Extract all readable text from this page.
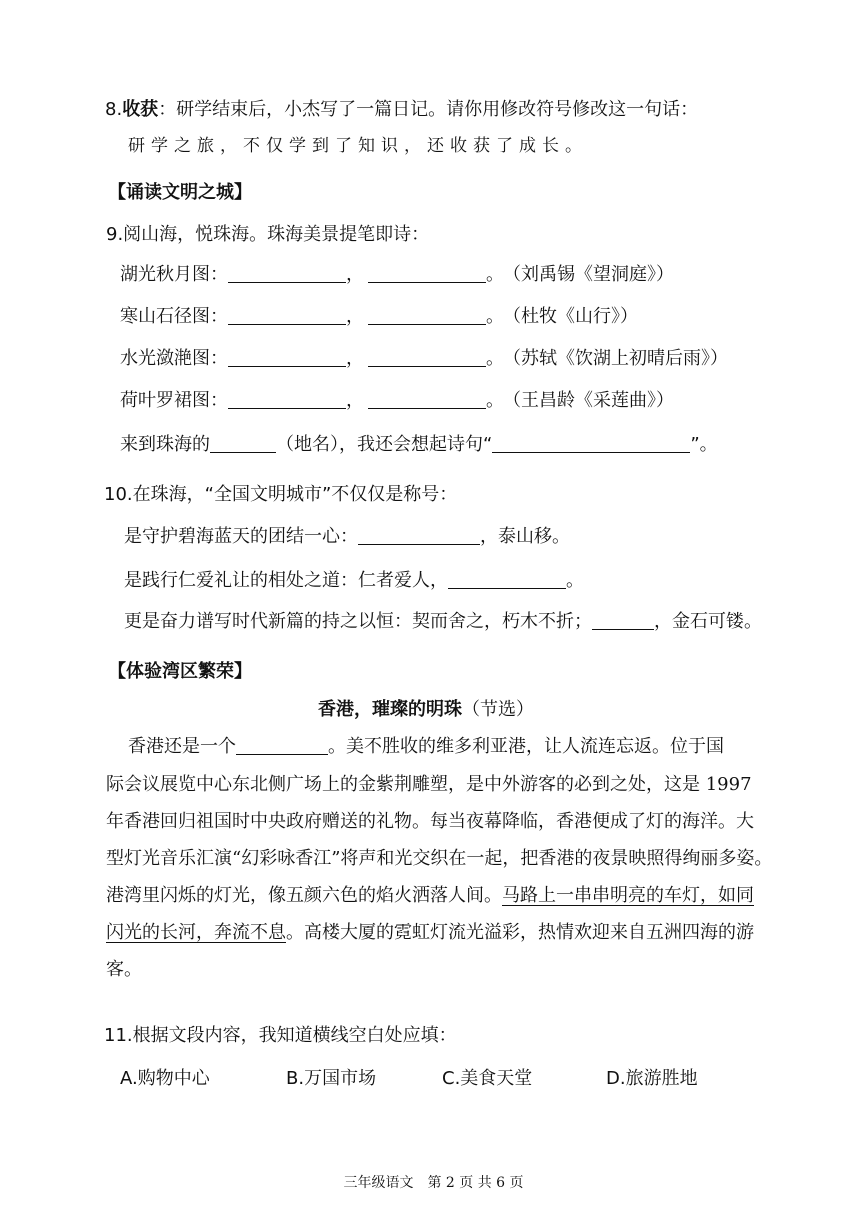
8.收获：研学结束后，小杰写了一篇日记。请你用修改符号修改这一句话：
研学之旅，不仅学到了知识，还收获了成长。
【诵读文明之城】
9.阅山海，悦珠海。珠海美景提笔即诗：
湖光秋月图：	，	。 （刘禹锡《望洞庭》）
寒山石径图：	，	。 （杜牧《山行》）
水光潋滟图：	，	。 （苏轼《饮湖上初晴后雨》）
荷叶罗裙图：	，	。 （王昌龄《采莲曲》）
来到珠海的	（地名），我还会想起诗句“	”。
10.在珠海，“全国文明城市”不仅仅是称号：
是守护碧海蓝天的团结一心：	，泰山移。
是践行仁爱礼让的相处之道：仁者爱人，	。
更是奋力谱写时代新篇的持之以恒：契而舍之，朽木不折；	，金石可镂。
【体验湾区繁荣】
香港，璀璨的明珠（节选）
香港还是一个	。美不胜收的维多利亚港，让人流连忘返。位于国
际会议展览中心东北侧广场上的金紫荆雕塑，是中外游客的必到之处，这是 1997
年香港回归祖国时中央政府赠送的礼物。每当夜幕降临，香港便成了灯的海洋。大
型灯光音乐汇演“幻彩咏香江”将声和光交织在一起，把香港的夜景映照得绚丽多姿。
港湾里闪烁的灯光，像五颜六色的焰火洒落人间。马路上一串串明亮的车灯，如同
闪光的长河，奔流不息。高楼大厦的霓虹灯流光溢彩，热情欢迎来自五洲四海的游
客。
11.根据文段内容，我知道横线空白处应填：
A.购物中心	B.万国市场	C.美食天堂	D.旅游胜地
三年级语文　第 2 页 共 6 页
